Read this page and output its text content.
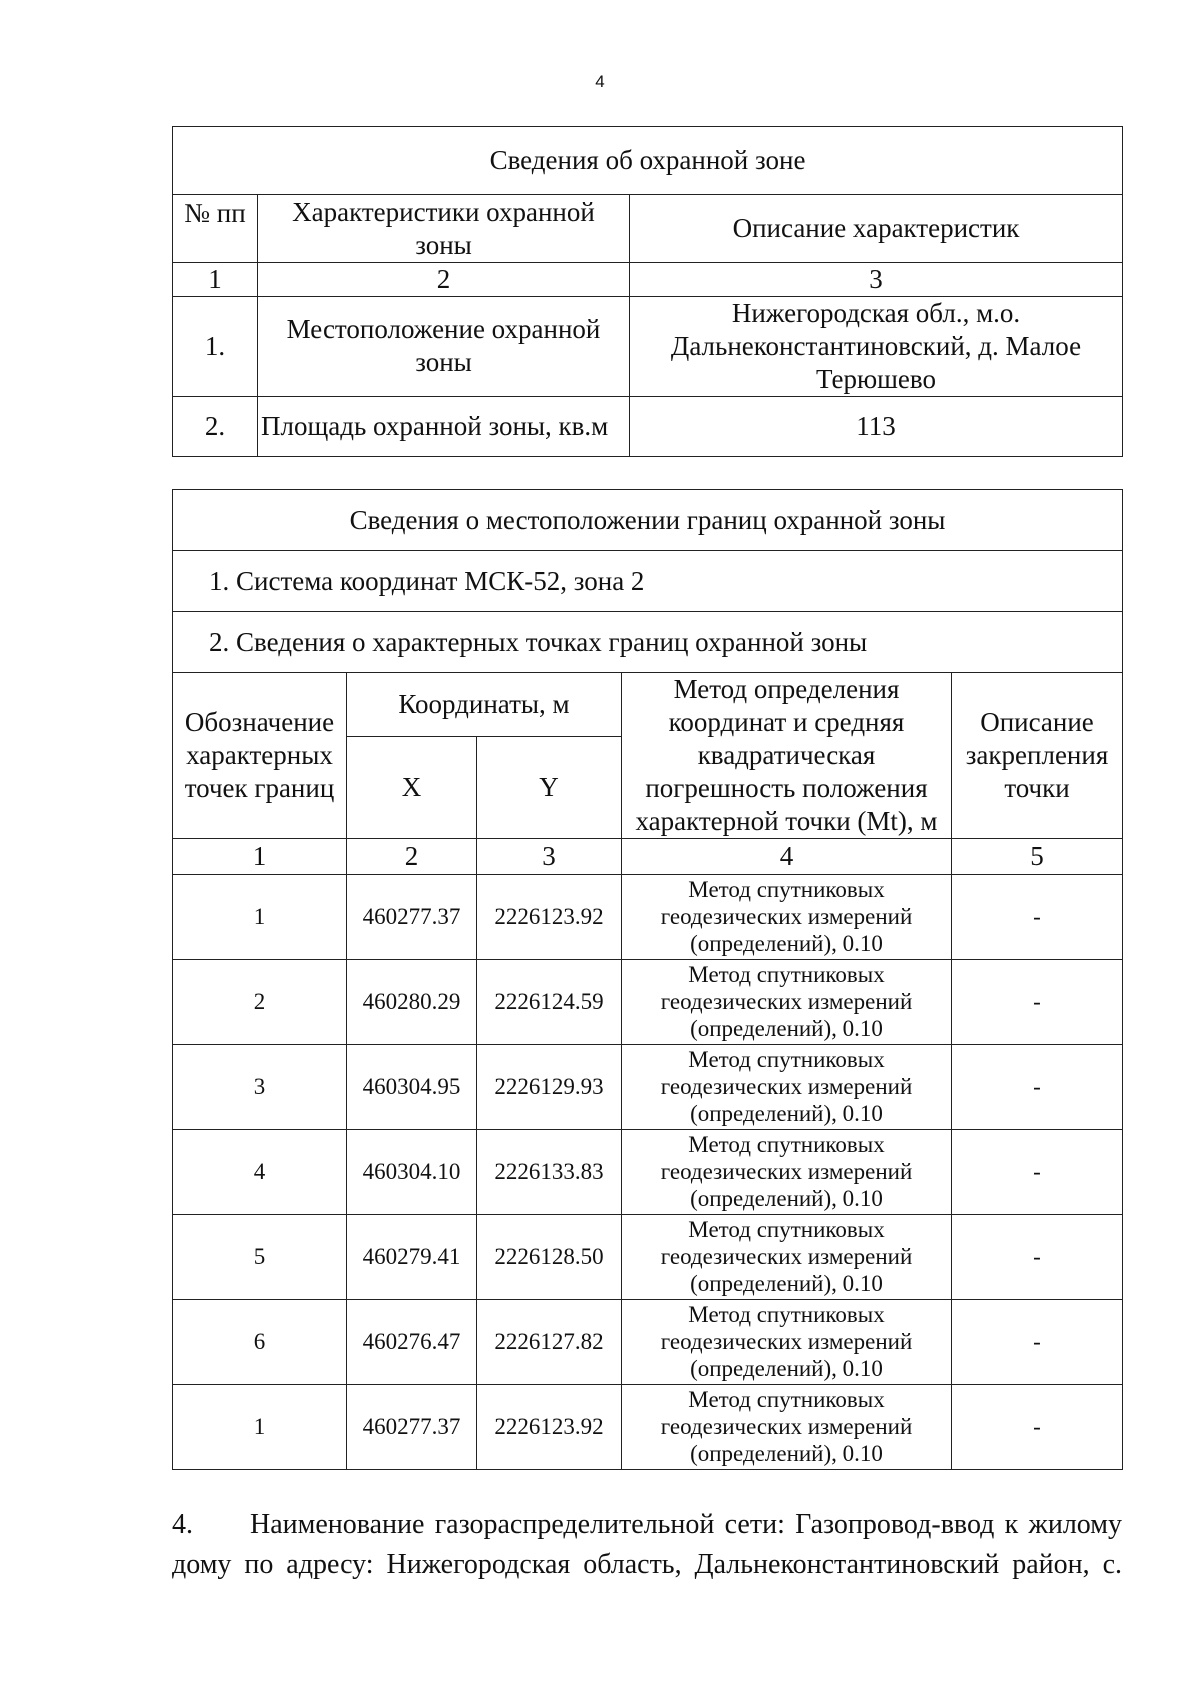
4
Сведения об охранной зоне		
№ пп	Характеристики охранной зоны	Описание характеристик
1	2	3
1.	Местоположение охранной зоны	Нижегородская обл., м.о. Дальнеконстантиновский, д. Малое Терюшево
2.	Площадь охранной зоны, кв.м	113
Сведения о местоположении границ охранной зоны				
1. Система координат МСК-52, зона 2				
2. Сведения о характерных точках границ охранной зоны				
Обозначение характерных точек границ	Координаты, м		Метод определения координат и средняя квадратическая погрешность положения характерной точки (Mt), м	Описание закрепления точки
	X	Y		
1	2	3	4	5
1	460277.37	2226123.92	Метод спутниковых геодезических измерений (определений), 0.10	-
2	460280.29	2226124.59	Метод спутниковых геодезических измерений (определений), 0.10	-
3	460304.95	2226129.93	Метод спутниковых геодезических измерений (определений), 0.10	-
4	460304.10	2226133.83	Метод спутниковых геодезических измерений (определений), 0.10	-
5	460279.41	2226128.50	Метод спутниковых геодезических измерений (определений), 0.10	-
6	460276.47	2226127.82	Метод спутниковых геодезических измерений (определений), 0.10	-
1	460277.37	2226123.92	Метод спутниковых геодезических измерений (определений), 0.10	-
4. Наименование газораспределительной сети: Газопровод-ввод к жилому
дому по адресу: Нижегородская область, Дальнеконстантиновский район, с.
